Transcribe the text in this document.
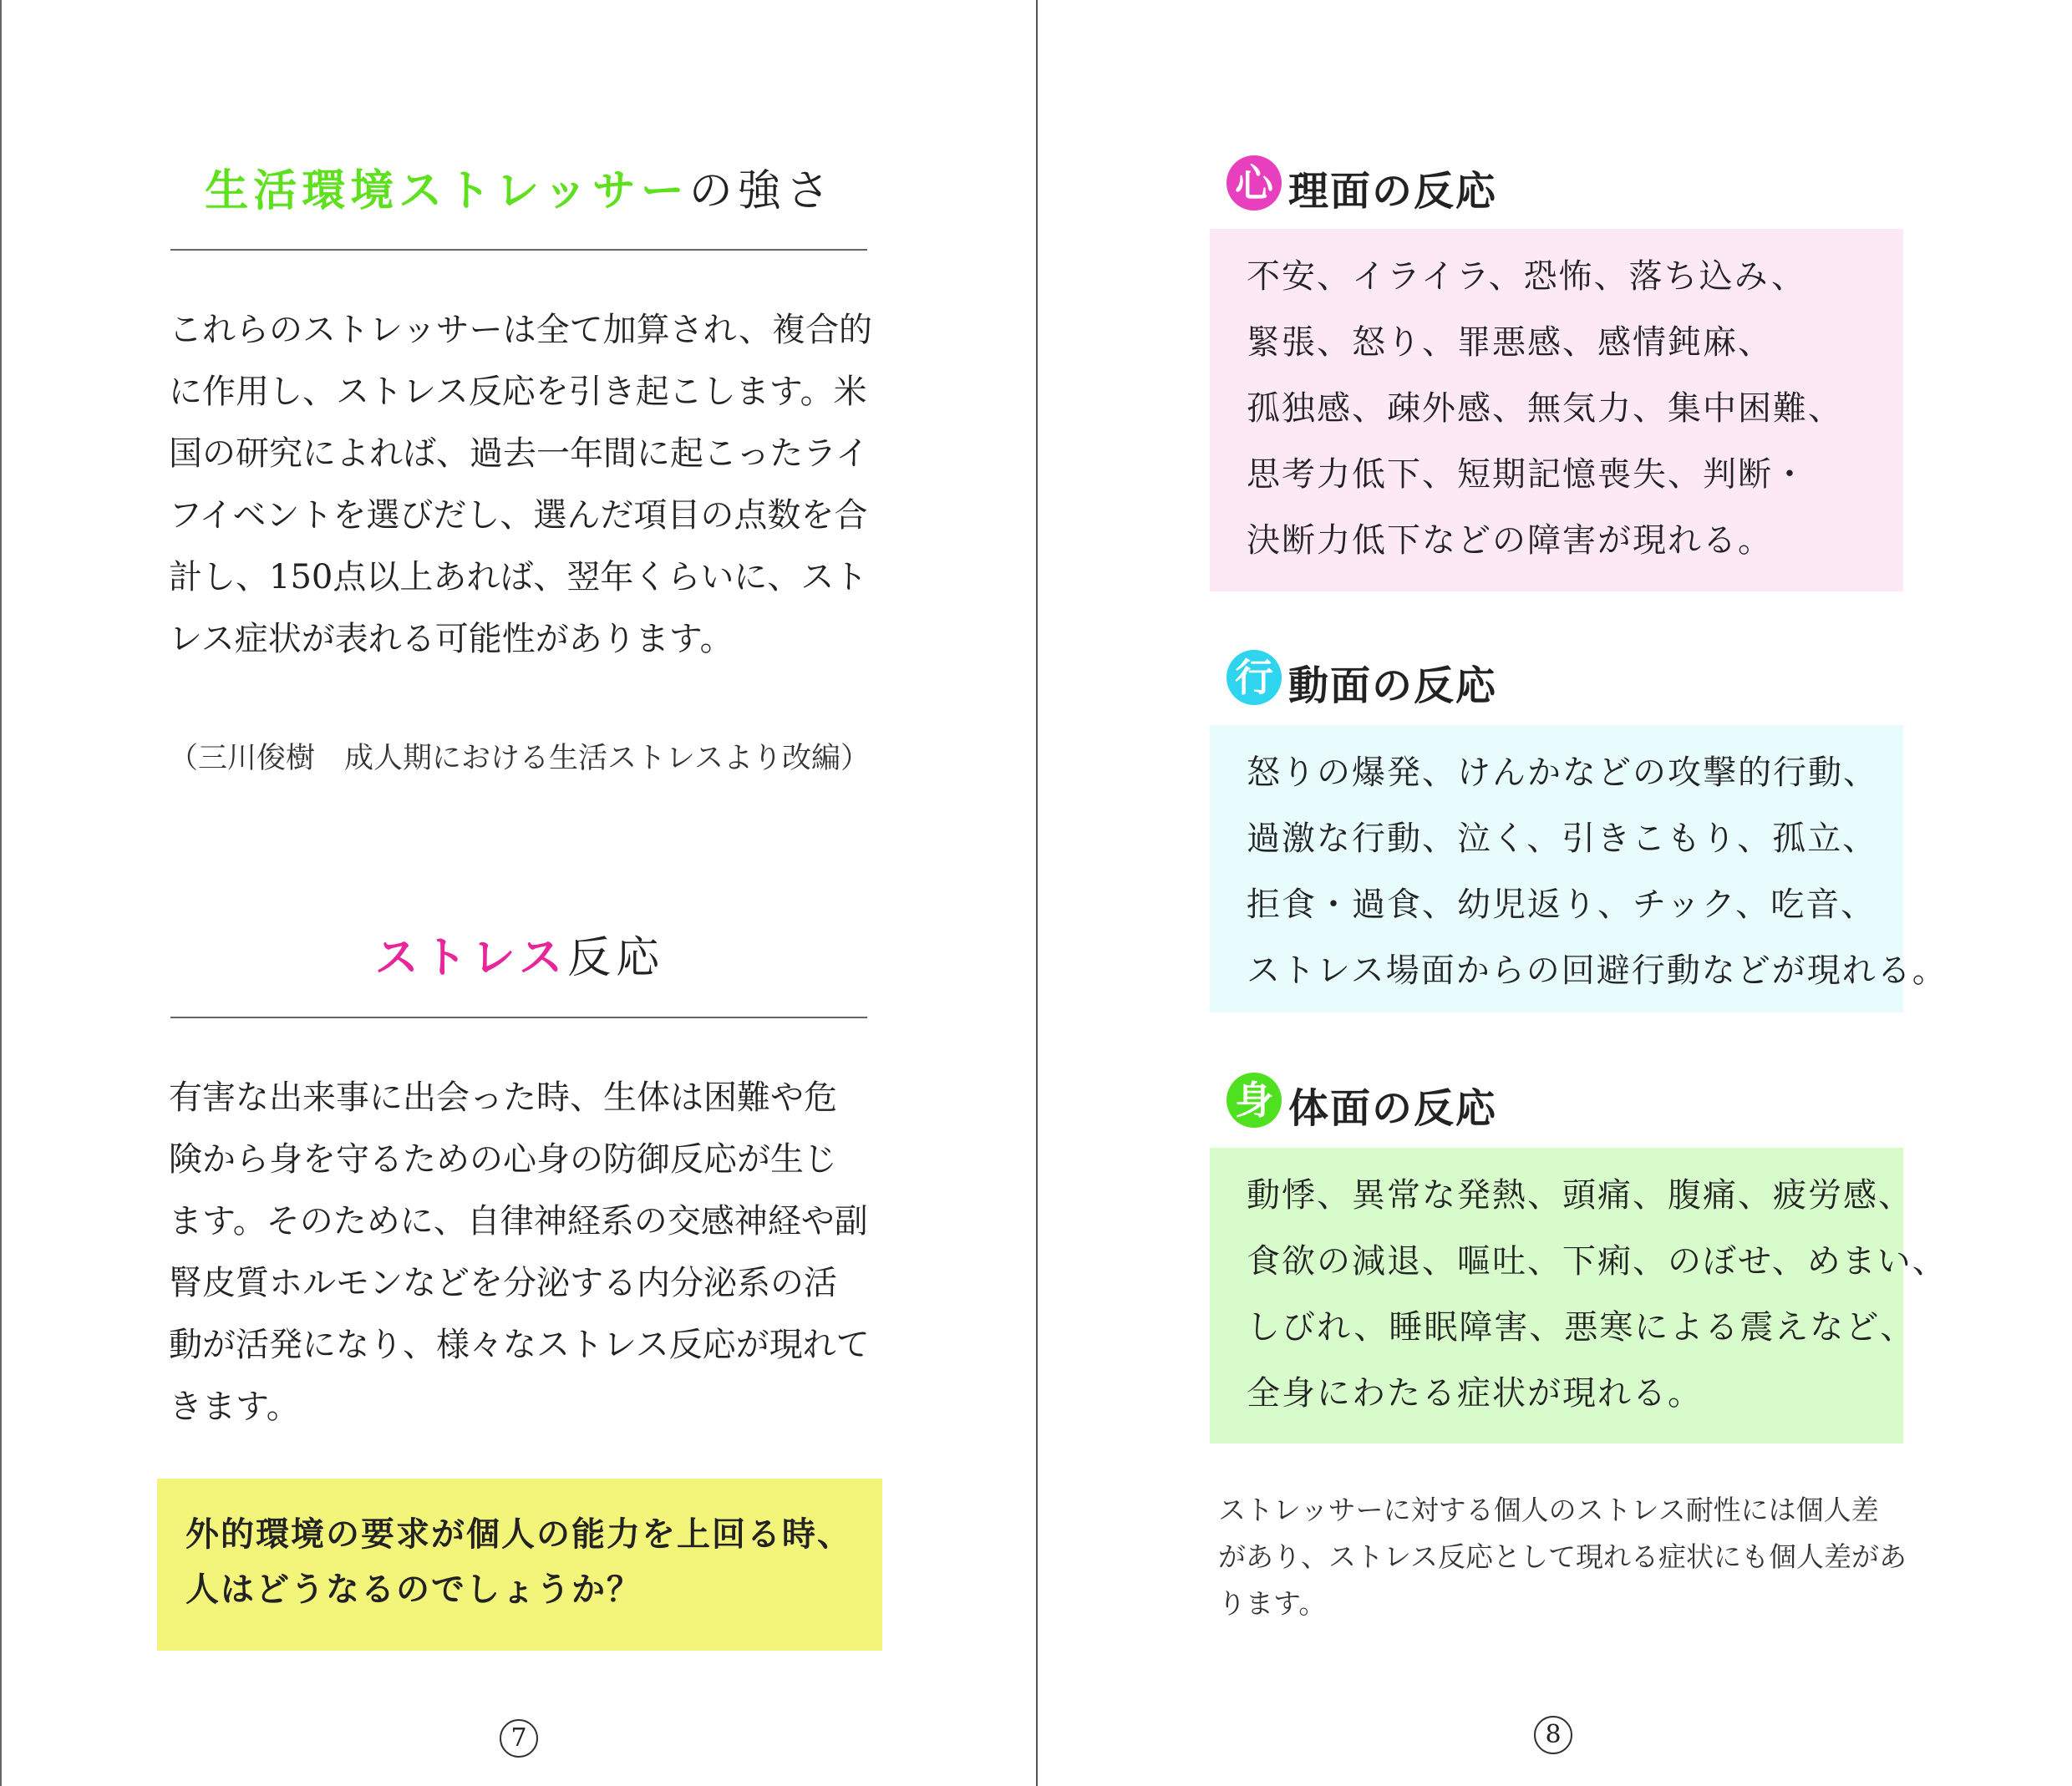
生活環境ストレッサーの強さ
これらのストレッサーは全て加算され、複合的
に作用し、ストレス反応を引き起こします。米
国の研究によれば、過去一年間に起こったライ
フイベントを選びだし、選んだ項目の点数を合
計し、150点以上あれば、翌年くらいに、スト
レス症状が表れる可能性があります。
（三川俊樹　成人期における生活ストレスより改編）
ストレス反応
有害な出来事に出会った時、生体は困難や危
険から身を守るための心身の防御反応が生じ
ます。そのために、自律神経系の交感神経や副
腎皮質ホルモンなどを分泌する内分泌系の活
動が活発になり、様々なストレス反応が現れて
きます。
外的環境の要求が個人の能力を上回る時、
人はどうなるのでしょうか？
7
心 理面の反応
不安、イライラ、恐怖、落ち込み、
緊張、怒り、罪悪感、感情鈍麻、
孤独感、疎外感、無気力、集中困難、
思考力低下、短期記憶喪失、判断・
決断力低下などの障害が現れる。
行 動面の反応
怒りの爆発、けんかなどの攻撃的行動、
過激な行動、泣く、引きこもり、孤立、
拒食・過食、幼児返り、チック、吃音、
ストレス場面からの回避行動などが現れる。
身 体面の反応
動悸、異常な発熱、頭痛、腹痛、疲労感、
食欲の減退、嘔吐、下痢、のぼせ、めまい、
しびれ、睡眠障害、悪寒による震えなど、
全身にわたる症状が現れる。
ストレッサーに対する個人のストレス耐性には個人差
があり、ストレス反応として現れる症状にも個人差があ
ります。
8
